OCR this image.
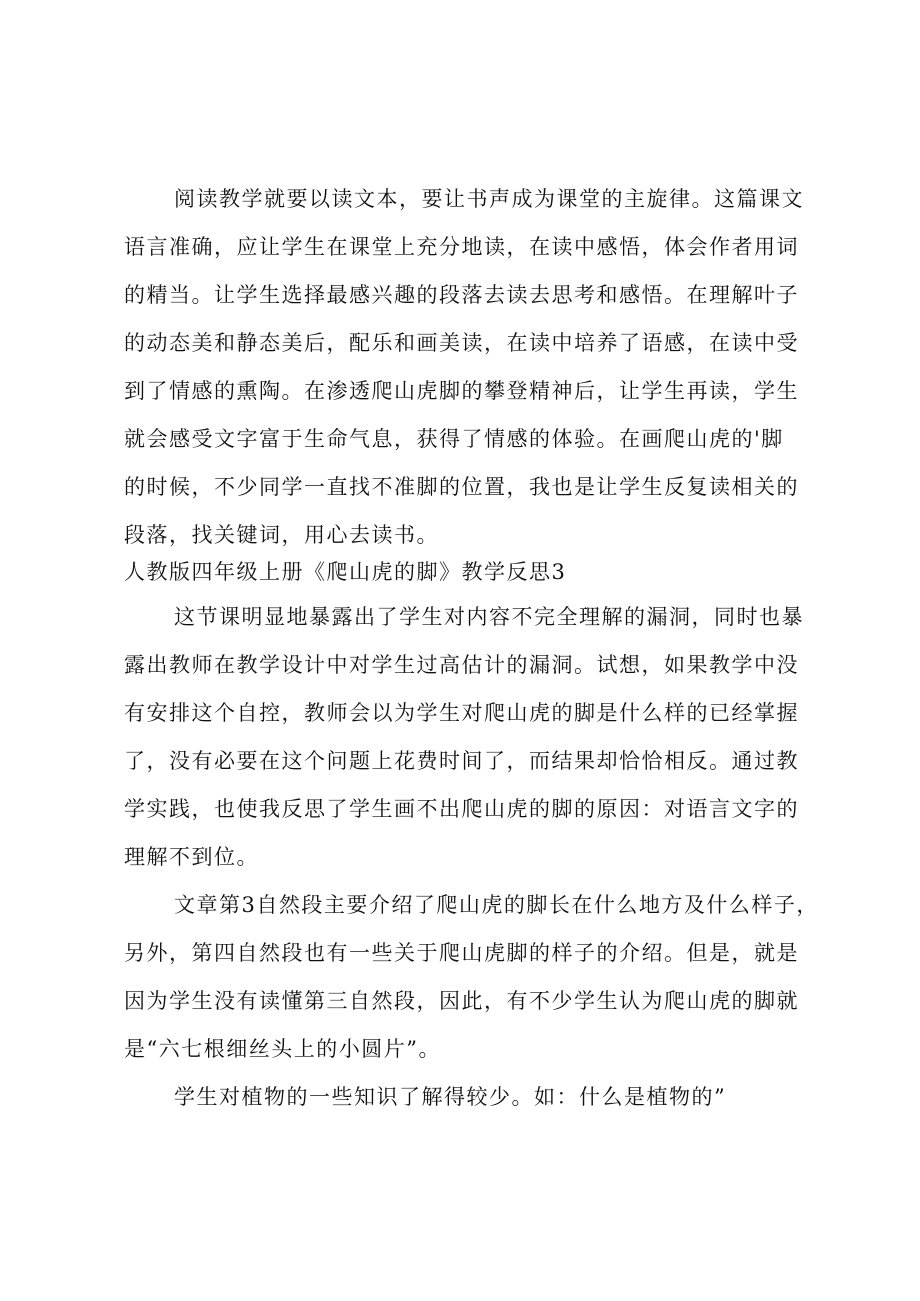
阅读教学就要以读文本，要让书声成为课堂的主旋律。这篇课文
语言准确，应让学生在课堂上充分地读，在读中感悟，体会作者用词
的精当。让学生选择最感兴趣的段落去读去思考和感悟。在理解叶子
的动态美和静态美后，配乐和画美读，在读中培养了语感，在读中受
到了情感的熏陶。在渗透爬山虎脚的攀登精神后，让学生再读，学生
就会感受文字富于生命气息，获得了情感的体验。在画爬山虎的'脚
的时候，不少同学一直找不准脚的位置，我也是让学生反复读相关的
段落，找关键词，用心去读书。
人教版四年级上册《爬山虎的脚》教学反思3
这节课明显地暴露出了学生对内容不完全理解的漏洞，同时也暴
露出教师在教学设计中对学生过高估计的漏洞。试想，如果教学中没
有安排这个自控，教师会以为学生对爬山虎的脚是什么样的已经掌握
了，没有必要在这个问题上花费时间了，而结果却恰恰相反。通过教
学实践，也使我反思了学生画不出爬山虎的脚的原因：对语言文字的
理解不到位。
文章第3自然段主要介绍了爬山虎的脚长在什么地方及什么样子，
另外，第四自然段也有一些关于爬山虎脚的样子的介绍。但是，就是
因为学生没有读懂第三自然段，因此，有不少学生认为爬山虎的脚就
是“六七根细丝头上的小圆片”。
学生对植物的一些知识了解得较少。如：什么是植物的”
